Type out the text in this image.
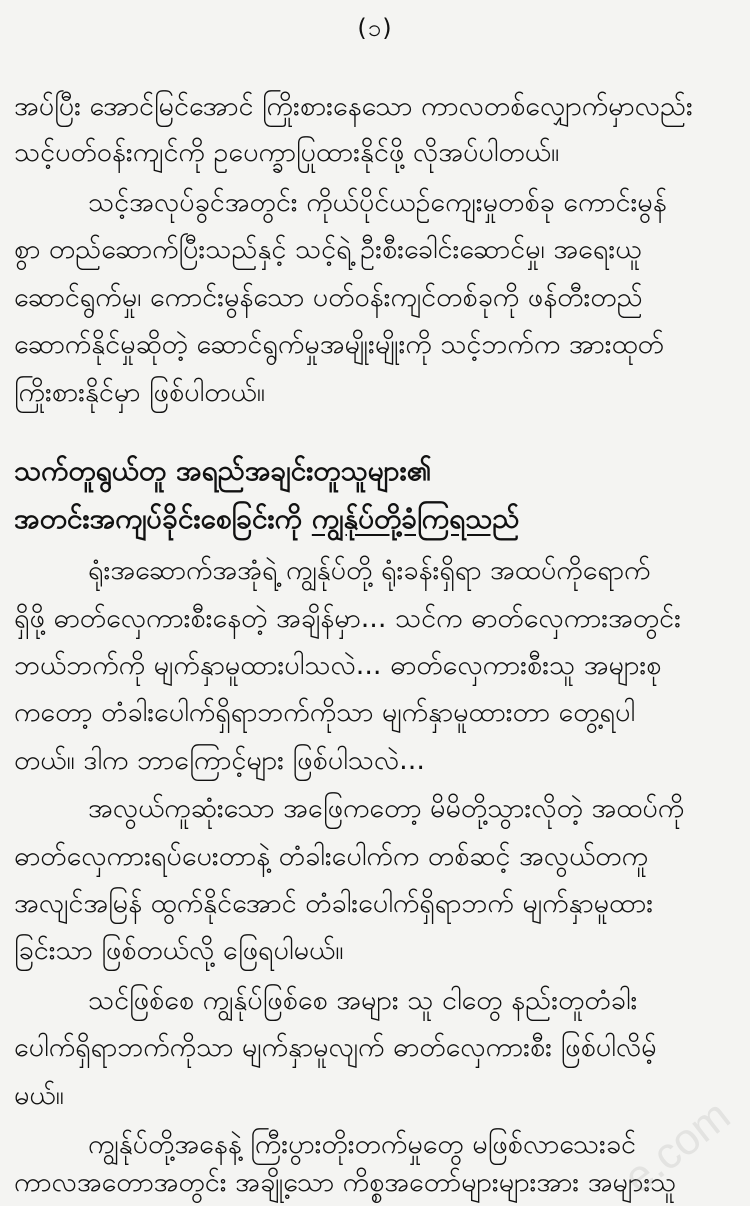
(၁)
အပ်ပြီး အောင်မြင်အောင် ကြိုးစားနေသော ကာလတစ်လျှောက်မှာလည်း
သင့်ပတ်ဝန်းကျင်ကို ဥပေက္ခာပြုထားနိုင်ဖို့ လိုအပ်ပါတယ်။
သင့်အလုပ်ခွင်အတွင်း ကိုယ်ပိုင်ယဉ်ကျေးမှုတစ်ခု ကောင်းမွန်
စွာ တည်ဆောက်ပြီးသည်နှင့် သင့်ရဲ့ ဦးစီးခေါင်းဆောင်မှု၊ အရေးယူ
ဆောင်ရွက်မှု၊ ကောင်းမွန်သော ပတ်ဝန်းကျင်တစ်ခုကို ဖန်တီးတည်
ဆောက်နိုင်မှုဆိုတဲ့ ဆောင်ရွက်မှုအမျိုးမျိုးကို သင့်ဘက်က အားထုတ်
ကြိုးစားနိုင်မှာ ဖြစ်ပါတယ်။
သက်တူရွယ်တူ အရည်အချင်းတူသူများ၏
အတင်းအကျပ်ခိုင်းစေခြင်းကို ကျွန်ုပ်တို့ခံကြရသည်
ရုံးအဆောက်အအုံရဲ့ ကျွန်ုပ်တို့ ရုံးခန်းရှိရာ အထပ်ကိုရောက်
ရှိဖို့ ဓာတ်လှေကားစီးနေတဲ့ အချိန်မှာ... သင်က ဓာတ်လှေကားအတွင်း
ဘယ်ဘက်ကို မျက်နှာမူထားပါသလဲ... ဓာတ်လှေကားစီးသူ အများစု
ကတော့ တံခါးပေါက်ရှိရာဘက်ကိုသာ မျက်နှာမူထားတာ တွေ့ရပါ
တယ်။ ဒါက ဘာကြောင့်များ ဖြစ်ပါသလဲ...
အလွယ်ကူဆုံးသော အဖြေကတော့ မိမိတို့သွားလိုတဲ့ အထပ်ကို
ဓာတ်လှေကားရပ်ပေးတာနဲ့ တံခါးပေါက်က တစ်ဆင့် အလွယ်တကူ
အလျင်အမြန် ထွက်နိုင်အောင် တံခါးပေါက်ရှိရာဘက် မျက်နှာမူထား
ခြင်းသာ ဖြစ်တယ်လို့ ဖြေရပါမယ်။
သင်ဖြစ်စေ ကျွန်ုပ်ဖြစ်စေ အများ သူ ငါတွေ နည်းတူတံခါး
ပေါက်ရှိရာဘက်ကိုသာ မျက်နှာမူလျက် ဓာတ်လှေကားစီး ဖြစ်ပါလိမ့်
မယ်။
ကျွန်ုပ်တို့အနေနဲ့ ကြီးပွားတိုးတက်မှုတွေ မဖြစ်လာသေးခင်
ကာလအတောအတွင်း အချို့သော ကိစ္စအတော်များများအား အများသူ
e.com
